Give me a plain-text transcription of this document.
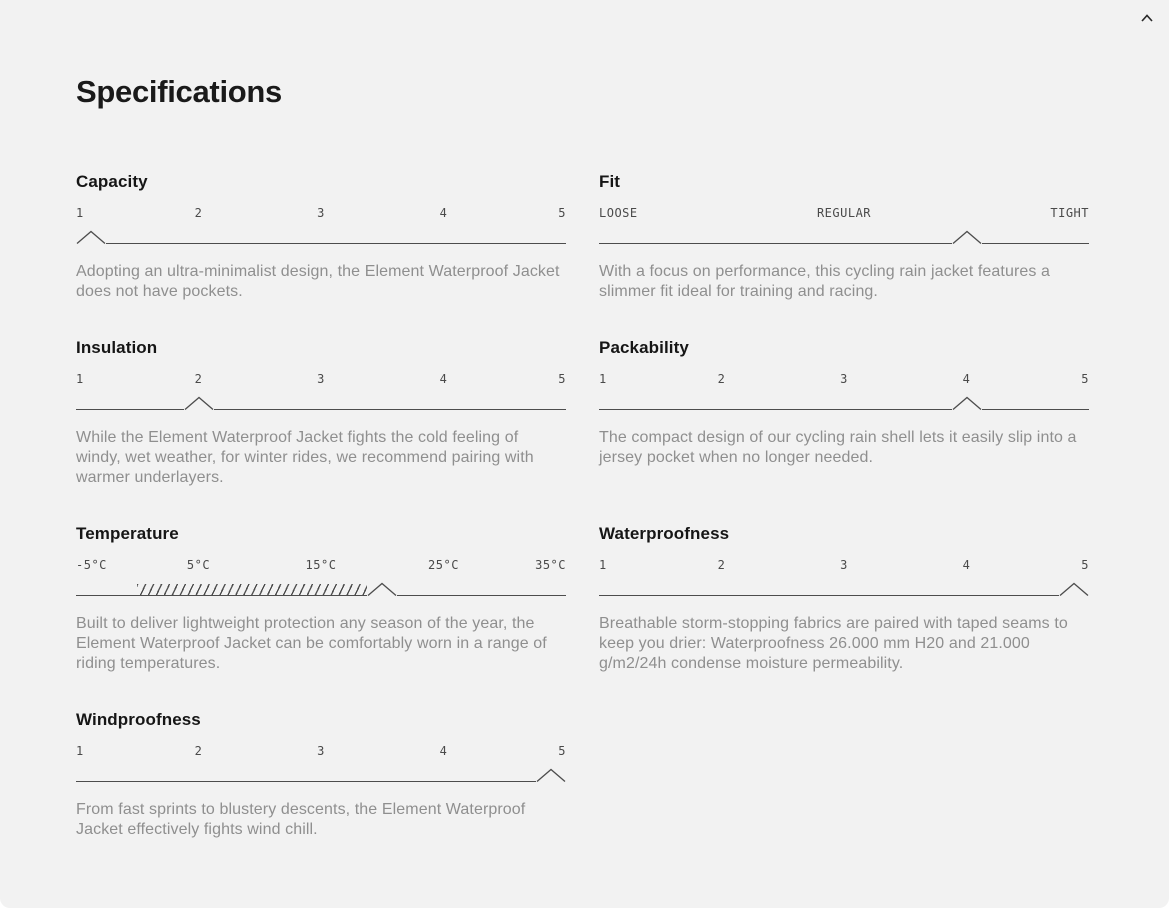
Specifications
Capacity
1	2	3	4	5

Adopting an ultra-minimalist design, the Element Waterproof Jacket does not have pockets.

Fit
LOOSE	REGULAR	TIGHT

With a focus on performance, this cycling rain jacket features a slimmer fit ideal for training and racing.

Insulation
1	2	3	4	5

While the Element Waterproof Jacket fights the cold feeling of windy, wet weather, for winter rides, we recommend pairing with warmer underlayers.

Packability
1	2	3	4	5

The compact design of our cycling rain shell lets it easily slip into a jersey pocket when no longer needed.

Temperature
-5°C	5°C	15°C	25°C	35°C

Built to deliver lightweight protection any season of the year, the Element Waterproof Jacket can be comfortably worn in a range of riding temperatures.

Waterproofness
1	2	3	4	5

Breathable storm-stopping fabrics are paired with taped seams to keep you drier: Waterproofness 26.000 mm H20 and 21.000 g/m2/24h condense moisture permeability.

Windproofness
1	2	3	4	5

From fast sprints to blustery descents, the Element Waterproof Jacket effectively fights wind chill.
